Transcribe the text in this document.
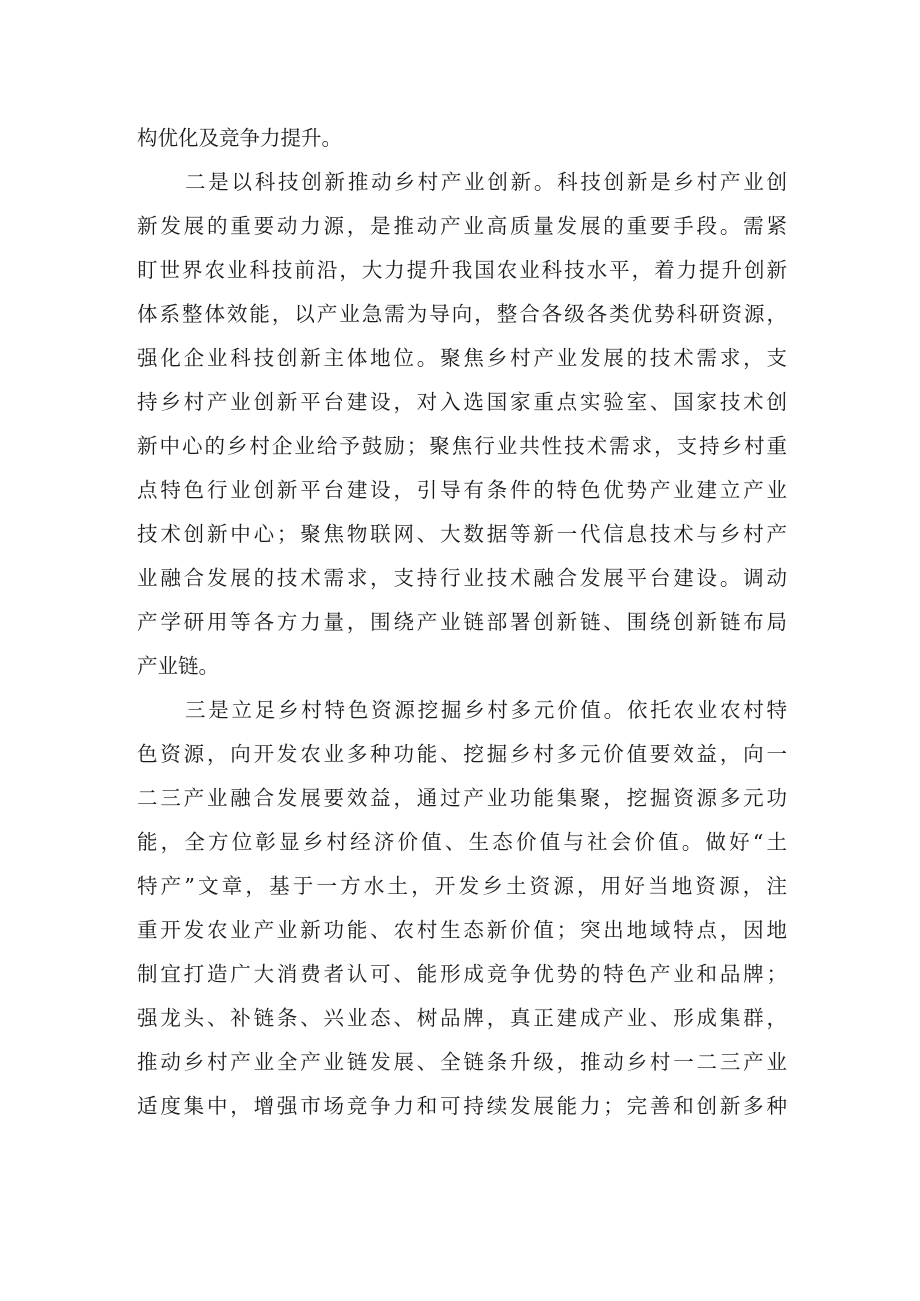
构优化及竞争力提升。
二是以科技创新推动乡村产业创新。科技创新是乡村产业创
新发展的重要动力源，是推动产业高质量发展的重要手段。需紧
盯世界农业科技前沿，大力提升我国农业科技水平，着力提升创新
体系整体效能，以产业急需为导向，整合各级各类优势科研资源，
强化企业科技创新主体地位。聚焦乡村产业发展的技术需求，支
持乡村产业创新平台建设，对入选国家重点实验室、国家技术创
新中心的乡村企业给予鼓励；聚焦行业共性技术需求，支持乡村重
点特色行业创新平台建设，引导有条件的特色优势产业建立产业
技术创新中心；聚焦物联网、大数据等新一代信息技术与乡村产
业融合发展的技术需求，支持行业技术融合发展平台建设。调动
产学研用等各方力量，围绕产业链部署创新链、围绕创新链布局
产业链。
三是立足乡村特色资源挖掘乡村多元价值。依托农业农村特
色资源，向开发农业多种功能、挖掘乡村多元价值要效益，向一
二三产业融合发展要效益，通过产业功能集聚，挖掘资源多元功
能，全方位彰显乡村经济价值、生态价值与社会价值。做好“土
特产”文章，基于一方水土，开发乡土资源，用好当地资源，注
重开发农业产业新功能、农村生态新价值；突出地域特点，因地
制宜打造广大消费者认可、能形成竞争优势的特色产业和品牌；
强龙头、补链条、兴业态、树品牌，真正建成产业、形成集群，
推动乡村产业全产业链发展、全链条升级，推动乡村一二三产业
适度集中，增强市场竞争力和可持续发展能力；完善和创新多种
